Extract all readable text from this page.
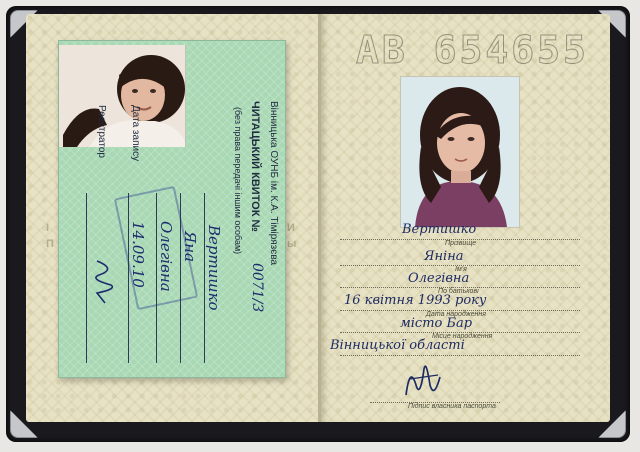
И
ы
І
П	Вінницька ОУНБ ім. К.А. Тімірязєва
ЧИТАЦЬКИЙ КВИТОК №
0071/3
(без права передачі іншим особам)
Вертишко
Яна
Олегівна
Дата запису
14.09.10
Реєстратор
АВ 654655
Вертишко
Прізвище
Яніна
Ім'я
Олегівна
По батькові
16 квітня 1993 року
Дата народження
місто Бар
Місце народження
Вінницької області
Підпис власника паспорта
